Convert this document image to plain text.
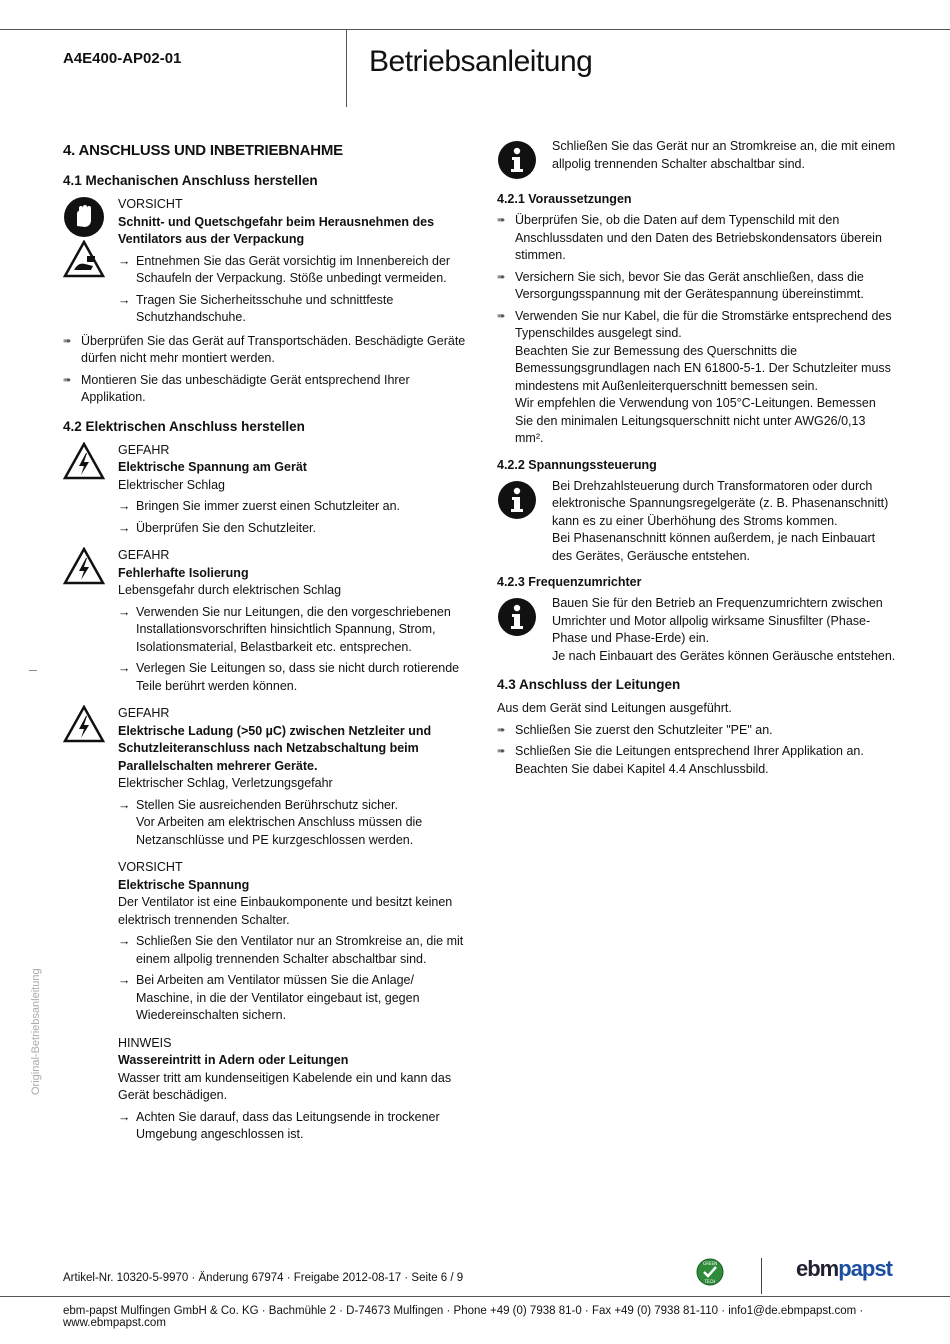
A4E400-AP02-01	Betriebsanleitung
4. ANSCHLUSS UND INBETRIEBNAHME
4.1 Mechanischen Anschluss herstellen
VORSICHT
Schnitt- und Quetschgefahr beim Herausnehmen des Ventilators aus der Verpackung
→ Entnehmen Sie das Gerät vorsichtig im Innenbereich der Schaufeln der Verpackung. Stöße unbedingt vermeiden.
→ Tragen Sie Sicherheitsschuhe und schnittfeste Schutzhandschuhe.
➠ Überprüfen Sie das Gerät auf Transportschäden. Beschädigte Geräte dürfen nicht mehr montiert werden.
➠ Montieren Sie das unbeschädigte Gerät entsprechend Ihrer Applikation.
4.2 Elektrischen Anschluss herstellen
GEFAHR
Elektrische Spannung am Gerät
Elektrischer Schlag
→ Bringen Sie immer zuerst einen Schutzleiter an.
→ Überprüfen Sie den Schutzleiter.
GEFAHR
Fehlerhafte Isolierung
Lebensgefahr durch elektrischen Schlag
→ Verwenden Sie nur Leitungen, die den vorgeschriebenen Installationsvorschriften hinsichtlich Spannung, Strom, Isolationsmaterial, Belastbarkeit etc. entsprechen.
→ Verlegen Sie Leitungen so, dass sie nicht durch rotierende Teile berührt werden können.
GEFAHR
Elektrische Ladung (>50 µC) zwischen Netzleiter und Schutzleiteranschluss nach Netzabschaltung beim Parallelschalten mehrerer Geräte.
Elektrischer Schlag, Verletzungsgefahr
→ Stellen Sie ausreichenden Berührschutz sicher.
Vor Arbeiten am elektrischen Anschluss müssen die Netzanschlüsse und PE kurzgeschlossen werden.
VORSICHT
Elektrische Spannung
Der Ventilator ist eine Einbaukomponente und besitzt keinen elektrisch trennenden Schalter.
→ Schließen Sie den Ventilator nur an Stromkreise an, die mit einem allpolig trennenden Schalter abschaltbar sind.
→ Bei Arbeiten am Ventilator müssen Sie die Anlage/ Maschine, in die der Ventilator eingebaut ist, gegen Wiedereinschalten sichern.
HINWEIS
Wassereintritt in Adern oder Leitungen
Wasser tritt am kundenseitigen Kabelende ein und kann das Gerät beschädigen.
→ Achten Sie darauf, dass das Leitungsende in trockener Umgebung angeschlossen ist.

Schließen Sie das Gerät nur an Stromkreise an, die mit einem allpolig trennenden Schalter abschaltbar sind.

4.2.1 Voraussetzungen
➠ Überprüfen Sie, ob die Daten auf dem Typenschild mit den Anschlussdaten und den Daten des Betriebskondensators überein stimmen.
➠ Versichern Sie sich, bevor Sie das Gerät anschließen, dass die Versorgungsspannung mit der Gerätespannung übereinstimmt.
➠ Verwenden Sie nur Kabel, die für die Stromstärke entsprechend des Typenschildes ausgelegt sind.

Beachten Sie zur Bemessung des Querschnitts die Bemessungsgrundlagen nach EN 61800-5-1. Der Schutzleiter muss mindestens mit Außenleiterquerschnitt bemessen sein.

Wir empfehlen die Verwendung von 105°C-Leitungen. Bemessen Sie den minimalen Leitungsquerschnitt nicht unter AWG26/0,13 mm².

4.2.2 Spannungssteuerung

Bei Drehzahlsteuerung durch Transformatoren oder durch elektronische Spannungsregelgeräte (z. B. Phasenanschnitt) kann es zu einer Überhöhung des Stroms kommen.

Bei Phasenanschnitt können außerdem, je nach Einbauart des Gerätes, Geräusche entstehen.

4.2.3 Frequenzumrichter

Bauen Sie für den Betrieb an Frequenzumrichtern zwischen Umrichter und Motor allpolig wirksame Sinusfilter (Phase-Phase und Phase-Erde) ein.

Je nach Einbauart des Gerätes können Geräusche entstehen.

4.3 Anschluss der Leitungen

Aus dem Gerät sind Leitungen ausgeführt.

➠ Schließen Sie zuerst den Schutzleiter "PE" an.
➠ Schließen Sie die Leitungen entsprechend Ihrer Applikation an.

Beachten Sie dabei Kapitel 4.4 Anschlussbild.

Original-Betriebsanleitung
Artikel-Nr. 10320-5-9970 · Änderung 67974 · Freigabe 2012-08-17 · Seite 6 / 9
GREEN
TECH
ebmpapst
ebm-papst Mulfingen GmbH & Co. KG · Bachmühle 2 · D-74673 Mulfingen · Phone +49 (0) 7938 81-0 · Fax +49 (0) 7938 81-110 · info1@de.ebmpapst.com · www.ebmpapst.com
